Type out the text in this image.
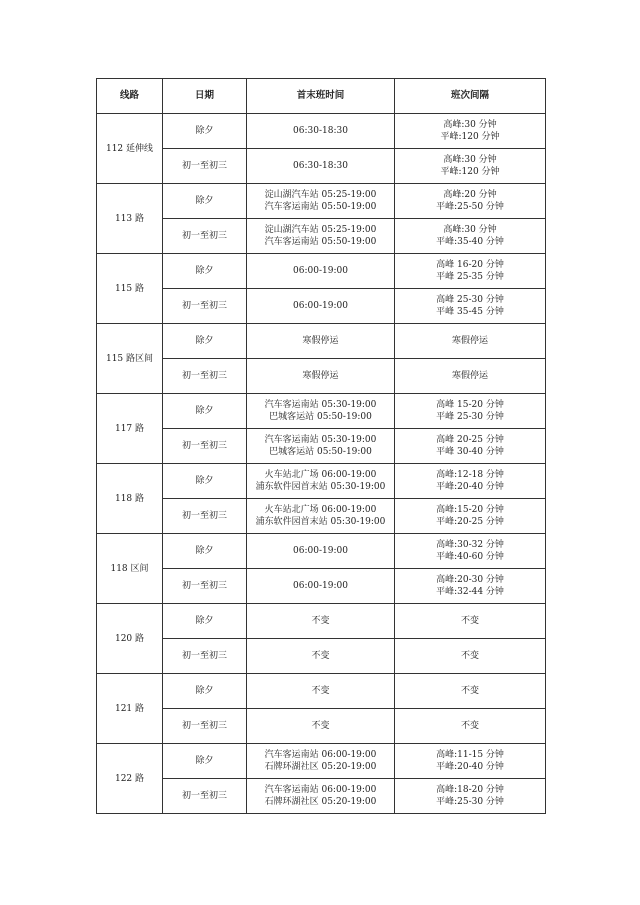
线路	日期	首末班时间	班次间隔
112 延伸线	除夕	06:30-18:30	高峰:30 分钟
平峰:120 分钟

	初一至初三	06:30-18:30	高峰:30 分钟
平峰:120 分钟

113 路	除夕	淀山湖汽车站 05:25-19:00
汽车客运南站 05:50-19:00	高峰:20 分钟
平峰:25-50 分钟

	初一至初三	淀山湖汽车站 05:25-19:00
汽车客运南站 05:50-19:00	高峰:30 分钟
平峰:35-40 分钟

115 路	除夕	06:00-19:00	高峰 16-20 分钟
平峰 25-35 分钟

	初一至初三	06:00-19:00	高峰 25-30 分钟
平峰 35-45 分钟

115 路区间	除夕	寒假停运	寒假停运

	初一至初三	寒假停运	寒假停运

117 路	除夕	汽车客运南站 05:30-19:00
巴城客运站 05:50-19:00	高峰 15-20 分钟
平峰 25-30 分钟

	初一至初三	汽车客运南站 05:30-19:00
巴城客运站 05:50-19:00	高峰 20-25 分钟
平峰 30-40 分钟

118 路	除夕	火车站北广场 06:00-19:00
浦东软件园首末站 05:30-19:00	高峰:12-18 分钟
平峰:20-40 分钟

	初一至初三	火车站北广场 06:00-19:00
浦东软件园首末站 05:30-19:00	高峰:15-20 分钟
平峰:20-25 分钟

118 区间	除夕	06:00-19:00	高峰:30-32 分钟
平峰:40-60 分钟

	初一至初三	06:00-19:00	高峰:20-30 分钟
平峰:32-44 分钟

120 路	除夕	不变	不变

	初一至初三	不变	不变

121 路	除夕	不变	不变

	初一至初三	不变	不变

122 路	除夕	汽车客运南站 06:00-19:00
石牌环湖社区 05:20-19:00	高峰:11-15 分钟
平峰:20-40 分钟

	初一至初三	汽车客运南站 06:00-19:00
石牌环湖社区 05:20-19:00	高峰:18-20 分钟
平峰:25-30 分钟
